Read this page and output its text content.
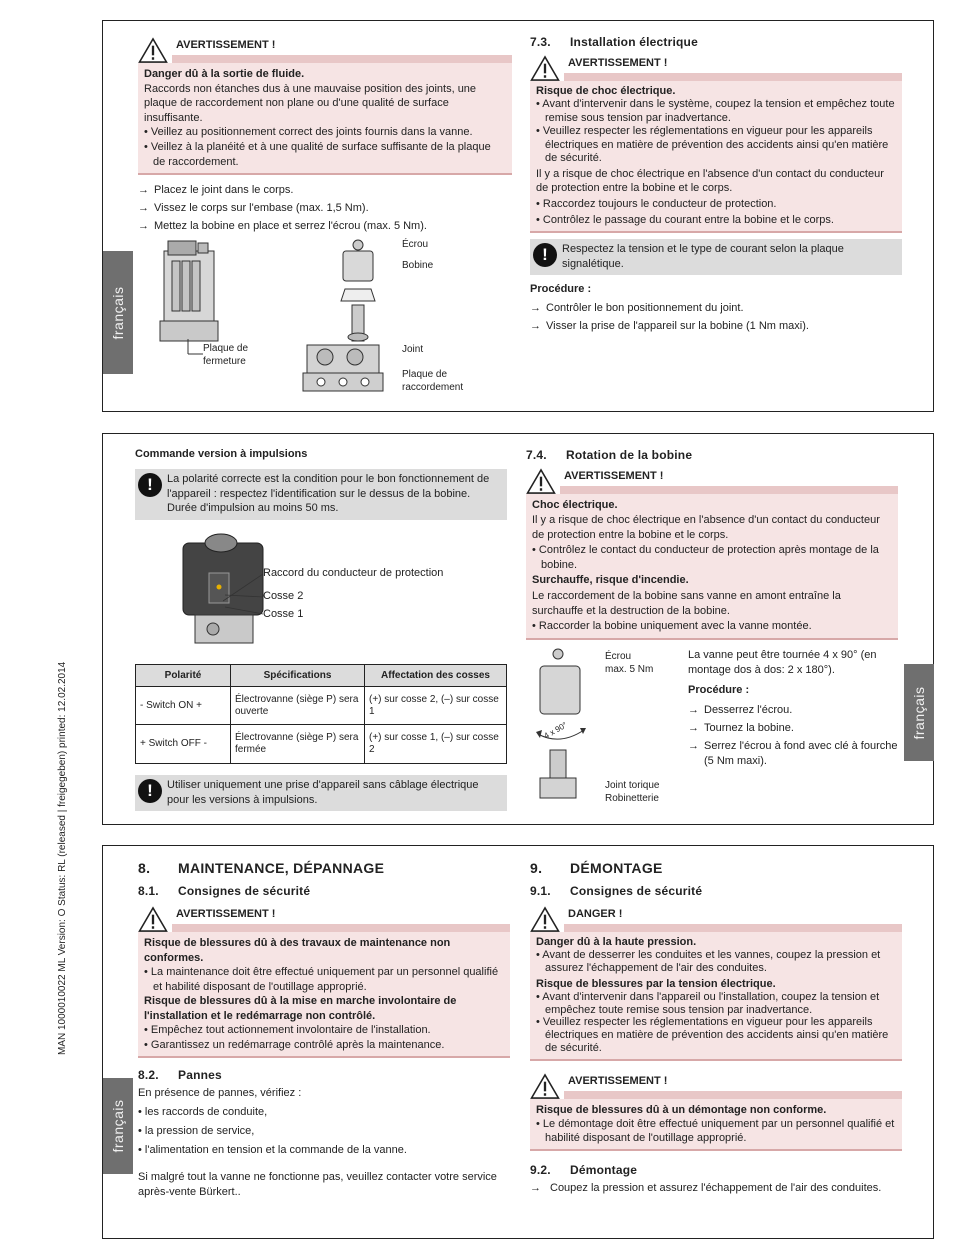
MAN 1000010022 ML Version: O Status: RL (released | freigegeben) printed: 12.02.2014
français
AVERTISSEMENT !
Danger dû à la sortie de fluide.
Raccords non étanches dus à une mauvaise position des joints, une plaque de raccordement non plane ou d'une qualité de surface insuffisante.
• Veillez au positionnement correct des joints fournis dans la vanne.
• Veillez à la planéité et à une qualité de surface suffisante de la plaque de raccordement.
→ Placez le joint dans le corps.
→ Vissez le corps sur l'embase (max. 1,5 Nm).
→ Mettez la bobine en place et serrez l'écrou (max. 5 Nm).
Plaque de fermeture
Écrou
Bobine
Joint
Plaque de raccordement
7.3. Installation électrique
AVERTISSEMENT !
Risque de choc électrique.
• Avant d'intervenir dans le système, coupez la tension et empêchez toute remise sous tension par inadvertance.
• Veuillez respecter les réglementations en vigueur pour les appareils électriques en matière de prévention des accidents ainsi qu'en matière de sécurité.
Il y a risque de choc électrique en l'absence d'un contact du conducteur de protection entre la bobine et le corps.
• Raccordez toujours le conducteur de protection.
• Contrôlez le passage du courant entre la bobine et le corps.
!	Respectez la tension et le type de courant selon la plaque signalétique.
Procédure :
→ Contrôler le bon positionnement du joint.
→ Visser la prise de l'appareil sur la bobine (1 Nm maxi).
français
Commande version à impulsions
!	La polarité correcte est la condition pour le bon fonctionnement de l'appareil : respectez l'identification sur le dessus de la bobine. Durée d'impulsion au moins 50 ms.
Raccord du conducteur de protection
Cosse 2
Cosse 1
Polarité	Spécifications	Affectation des cosses
- Switch ON +	Électrovanne (siège P) sera ouverte	(+) sur cosse 2, (–) sur cosse 1
+ Switch OFF -	Électrovanne (siège P) sera fermée	(+) sur cosse 1, (–) sur cosse 2
!	Utiliser uniquement une prise d'appareil sans câblage électrique pour les versions à impulsions.
7.4. Rotation de la bobine
AVERTISSEMENT !
Choc électrique.
Il y a risque de choc électrique en l'absence d'un contact du conducteur de protection entre la bobine et le corps.
• Contrôlez le contact du conducteur de protection après montage de la bobine.
Surchauffe, risque d'incendie.
Le raccordement de la bobine sans vanne en amont entraîne la surchauffe et la destruction de la bobine.
• Raccorder la bobine uniquement avec la vanne montée.
4 x 90°
Écrou
max. 5 Nm
Joint torique
Robinetterie
La vanne peut être tournée 4 x 90° (en montage dos à dos: 2 x 180°).
Procédure :
→ Desserrez l'écrou.
→ Tournez la bobine.
→ Serrez l'écrou à fond avec clé à fourche (5 Nm maxi).
français
8. MAINTENANCE, DÉPANNAGE
8.1. Consignes de sécurité
AVERTISSEMENT !
Risque de blessures dû à des travaux de maintenance non conformes.
• La maintenance doit être effectué uniquement par un personnel qualifié et habilité disposant de l'outillage approprié.
Risque de blessures dû à la mise en marche involontaire de l'installation et le redémarrage non contrôlé.
• Empêchez tout actionnement involontaire de l'installation.
• Garantissez un redémarrage contrôlé après la maintenance.
8.2. Pannes
En présence de pannes, vérifiez :
• les raccords de conduite,
• la pression de service,
• l'alimentation en tension et la commande de la vanne.
Si malgré tout la vanne ne fonctionne pas, veuillez contacter votre service après-vente Bürkert..
9. DÉMONTAGE
9.1. Consignes de sécurité
DANGER !
Danger dû à la haute pression.
• Avant de desserrer les conduites et les vannes, coupez la pression et assurez l'échappement de l'air des conduites.
Risque de blessures par la tension électrique.
• Avant d'intervenir dans l'appareil ou l'installation, coupez la tension et empêchez toute remise sous tension par inadvertance.
• Veuillez respecter les réglementations en vigueur pour les appareils électriques en matière de prévention des accidents ainsi qu'en matière de sécurité.
AVERTISSEMENT !
Risque de blessures dû à un démontage non conforme.
• Le démontage doit être effectué uniquement par un personnel qualifié et habilité disposant de l'outillage approprié.
9.2. Démontage
→ Coupez la pression et assurez l'échappement de l'air des conduites.
